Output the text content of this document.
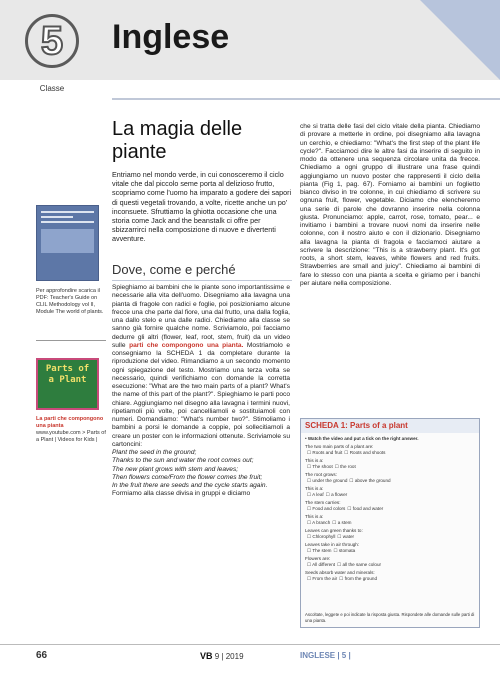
5
Classe
Inglese
Per approfondire scarica il PDF: Teacher's Guide on CLIL Methodology vol II, Module The world of plants.
Parts of a Plant
La parti che compongono una pianta
www.youtube.com > Parts of a Plant | Videos for Kids |
La magia delle piante
Entriamo nel mondo verde, in cui conosceremo il ciclo vitale che dal piccolo seme porta al delizioso frutto, scopriamo come l'uomo ha imparato a godere dei sapori di questi vegetali trovando, a volte, ricette anche un po' inconsuete. Sfruttiamo la ghiotta occasione che una storia come Jack and the beanstalk ci offre per sbizzarrirci nella composizione di nuove e divertenti avventure.
Dove, come e perché
Spieghiamo ai bambini che le piante sono importantissime e necessarie alla vita dell'uomo. Disegniamo alla lavagna una pianta di fragole con radici e foglie, poi posizioniamo alcune frecce una che parte dal fiore, una dal frutto, una dalla foglia, una dallo stelo e una dalle radici. Chiediamo alla classe se sanno già fornire qualche nome. Scriviamolo, poi facciamo dedurre gli altri (flower, leaf, root, stem, fruit) da un video sulle parti che compongono una pianta. Mostriamolo e consegniamo la SCHEDA 1 da completare durante la riproduzione del video. Rimandiamo a un secondo momento ogni spiegazione del testo. Mostriamo una terza volta se necessario, quindi verifichiamo con domande la corretta esecuzione: "What are the two main parts of a plant? What's the name of this part of the plant?". Spieghiamo le parti poco chiare. Aggiungiamo nel disegno alla lavagna i termini nuovi, ripetiamoli più volte, poi cancelliamoli e sostituiamoli con numeri. Domandiamo: "What's number two?". Stimoliamo i bambini a porsi le domande a coppie, poi sollecitiamoli a creare un poster con le informazioni ottenute. Scriviamole su cartoncini:
Plant the seed in the ground;
Thanks to the sun and water the root comes out;
The new plant grows with stem and leaves;
Then flowers come/From the flower comes the fruit;
In the fruit there are seeds and the cycle starts again.
Formiamo alla classe divisa in gruppi e diciamo
che si tratta delle fasi del ciclo vitale della pianta. Chiediamo di provare a metterle in ordine, poi disegniamo alla lavagna un cerchio, e chiediamo: "What's the first step of the plant life cycle?". Facciamoci dire le altre fasi da inserire di seguito in modo da ottenere una sequenza circolare unita da frecce. Chiediamo a ogni gruppo di illustrare una frase quindi aggiungiamo un nuovo poster che rappresenti il ciclo della pianta (Fig 1, pag. 67). Forniamo ai bambini un foglietto bianco diviso in tre colonne, in cui chiediamo di scrivere su ognuna fruit, flower, vegetable. Diciamo che elencheremo una serie di parole che dovranno inserire nella colonna giusta. Pronunciamo: apple, carrot, rose, tomato, pear... e invitiamo i bambini a trovare nuovi nomi da inserire nelle colonne, con il nostro aiuto e con il dizionario. Disegniamo alla lavagna la pianta di fragola e facciamoci aiutare a scrivere la descrizione: "This is a strawberry plant. It's got roots, a short stem, leaves, white flowers and red fruits. Strawberries are small and juicy". Chiediamo ai bambini di fare lo stesso con una pianta a scelta e giriamo per i banchi per aiutare nella composizione.
SCHEDA 1: Parts of a plant
• Watch the video and put a tick on the right answer.
The two main parts of a plant are:
☐ Roots and fruit ☐ Roots and shoots
This is a:
☐ The shoot ☐ the root
The root grows:
☐ under the ground ☐ above the ground
This is a:
☐ A leaf ☐ a flower
The stem carries:
☐ Food and colors ☐ food and water
This is a:
☐ A branch ☐ a stem
Leaves can green thanks to:
☐ Chlorophyll ☐ water
Leaves take in air through:
☐ The stem ☐ stomata
Flowers are:
☐ All different ☐ all the same colour
Seeds absorb water and minerals:
☐ From the air ☐ from the ground
Ascoltate, leggete e poi indicate la risposta giusta. Rispondete alle domande sulle parti di una pianta.
66	VB 9 | 2019	INGLESE | 5 |
